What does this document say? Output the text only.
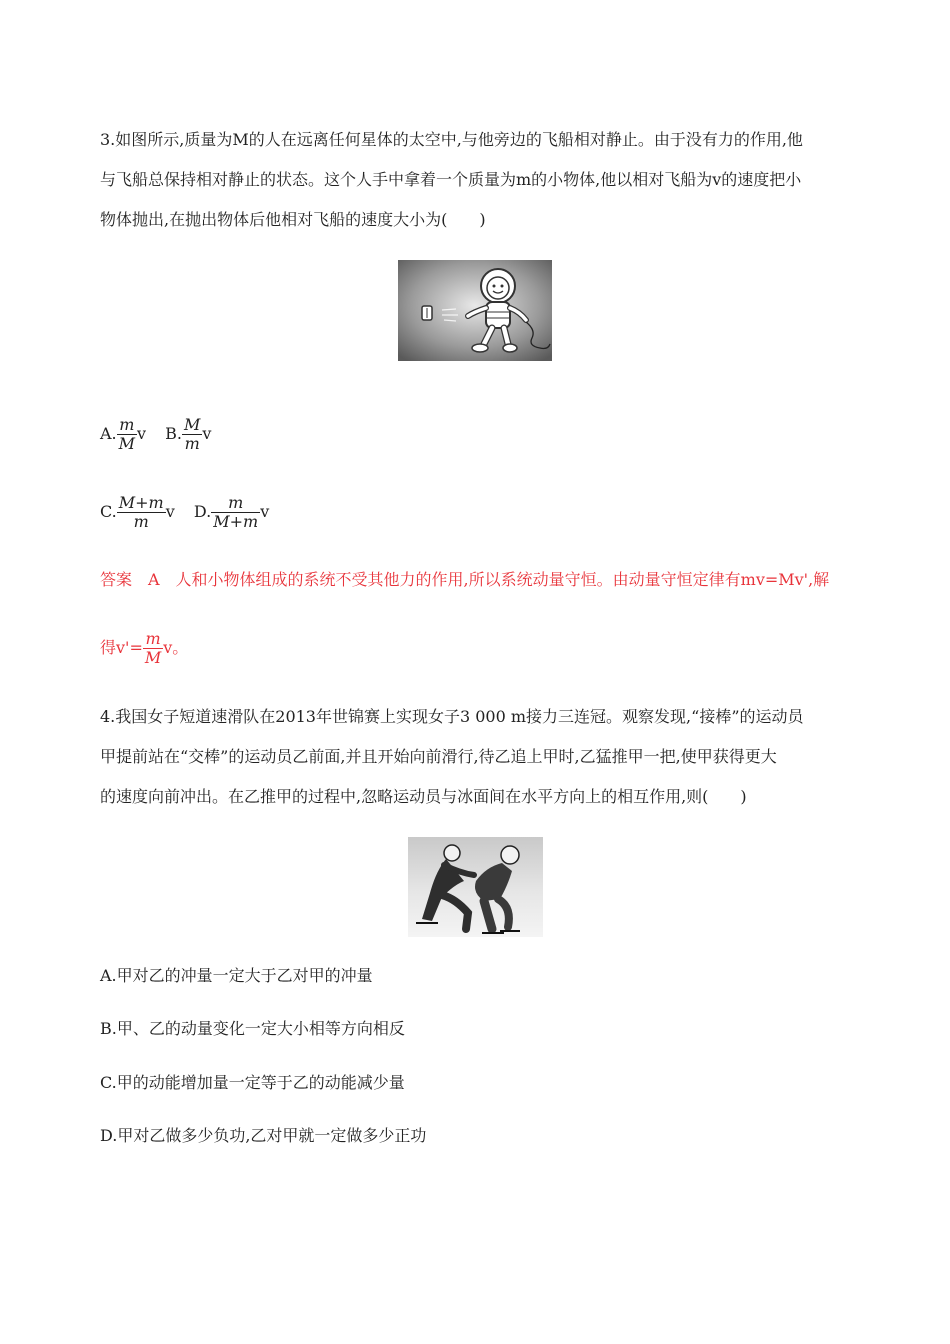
3.如图所示,质量为M的人在远离任何星体的太空中,与他旁边的飞船相对静止。由于没有力的作用,他
与飞船总保持相对静止的状态。这个人手中拿着一个质量为m的小物体,他以相对飞船为v的速度把小
物体抛出,在抛出物体后他相对飞船的速度大小为(　　)
A. $\frac{m}{M}$ v B. $\frac{M}{m}$ v
C. $\frac{M+m}{m}$ v D. $\frac{m}{M+m}$ v
答案　A　人和小物体组成的系统不受其他力的作用,所以系统动量守恒。由动量守恒定律有mv=Mv',解
得$v'= \frac{m}{M}$ v。
4.我国女子短道速滑队在2013年世锦赛上实现女子3 000 m接力三连冠。观察发现,“接棒”的运动员
甲提前站在“交棒”的运动员乙前面,并且开始向前滑行,待乙追上甲时,乙猛推甲一把,使甲获得更大
的速度向前冲出。在乙推甲的过程中,忽略运动员与冰面间在水平方向上的相互作用,则(　　)
A.甲对乙的冲量一定大于乙对甲的冲量
B.甲、乙的动量变化一定大小相等方向相反
C.甲的动能增加量一定等于乙的动能减少量
D.甲对乙做多少负功,乙对甲就一定做多少正功
